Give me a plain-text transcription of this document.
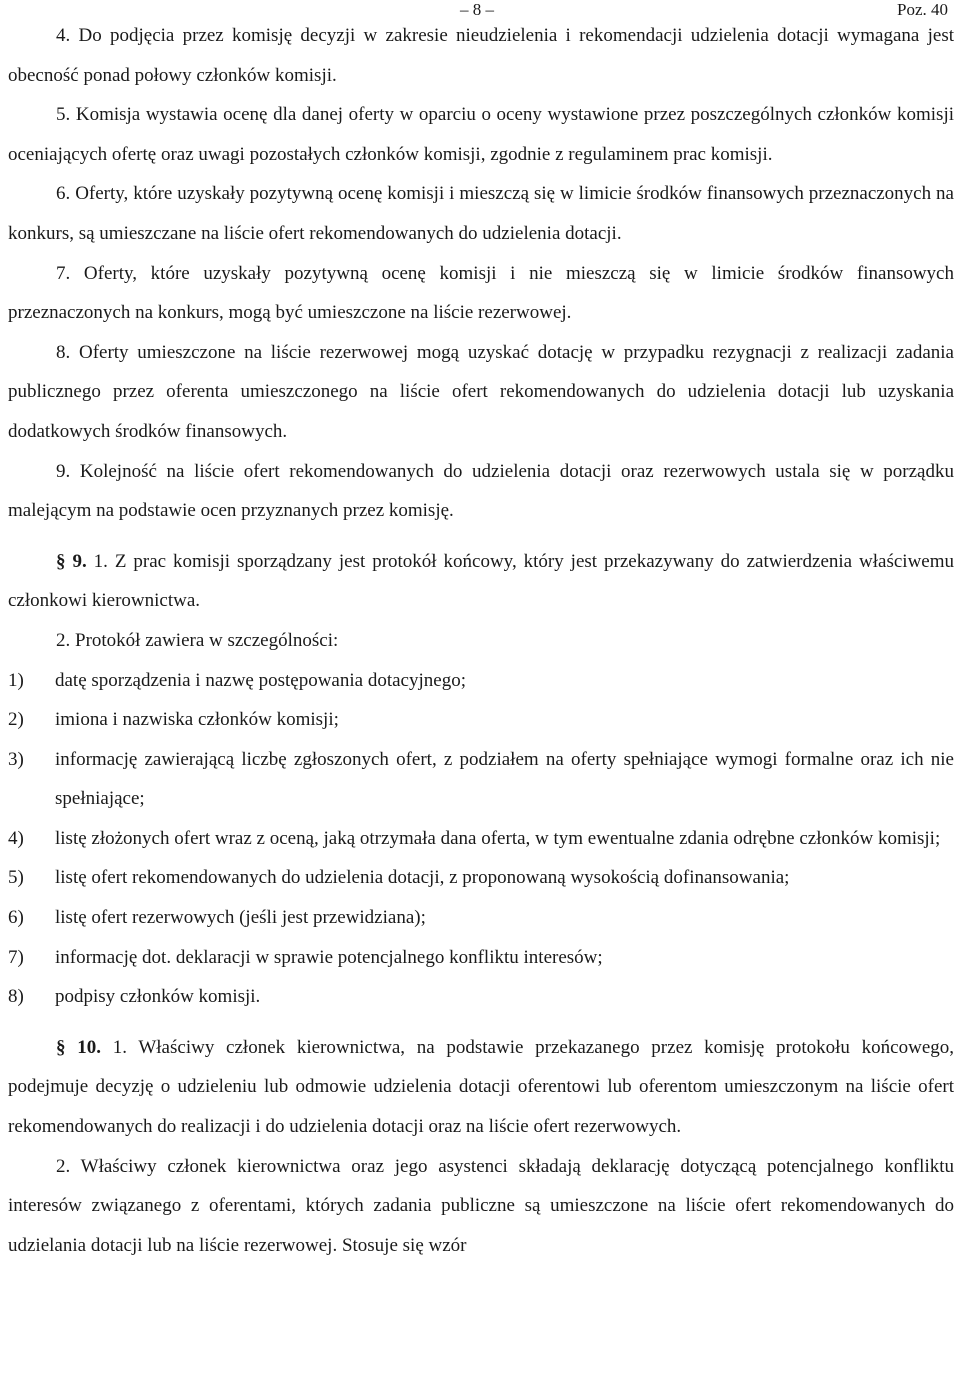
– 8 –	Poz. 40

4. Do podjęcia przez komisję decyzji w zakresie nieudzielenia i rekomendacji udzielenia dotacji wymagana jest obecność ponad połowy członków komisji.

5. Komisja wystawia ocenę dla danej oferty w oparciu o oceny wystawione przez poszczególnych członków komisji oceniających ofertę oraz uwagi pozostałych członków komisji, zgodnie z regulaminem prac komisji.

6. Oferty, które uzyskały pozytywną ocenę komisji i mieszczą się w limicie środków finansowych przeznaczonych na konkurs, są umieszczane na liście ofert rekomendowanych do udzielenia dotacji.

7. Oferty, które uzyskały pozytywną ocenę komisji i nie mieszczą się w limicie środków finansowych przeznaczonych na konkurs, mogą być umieszczone na liście rezerwowej.

8. Oferty umieszczone na liście rezerwowej mogą uzyskać dotację w przypadku rezygnacji z realizacji zadania publicznego przez oferenta umieszczonego na liście ofert rekomendowanych do udzielenia dotacji lub uzyskania dodatkowych środków finansowych.

9. Kolejność na liście ofert rekomendowanych do udzielenia dotacji oraz rezerwowych ustala się w porządku malejącym na podstawie ocen przyznanych przez komisję.

§ 9. 1. Z prac komisji sporządzany jest protokół końcowy, który jest przekazywany do zatwierdzenia właściwemu członkowi kierownictwa.

2. Protokół zawiera w szczególności:

1) datę sporządzenia i nazwę postępowania dotacyjnego;
2) imiona i nazwiska członków komisji;
3) informację zawierającą liczbę zgłoszonych ofert, z podziałem na oferty spełniające wymogi formalne oraz ich nie spełniające;
4) listę złożonych ofert wraz z oceną, jaką otrzymała dana oferta, w tym ewentualne zdania odrębne członków komisji;
5) listę ofert rekomendowanych do udzielenia dotacji, z proponowaną wysokością dofinansowania;
6) listę ofert rezerwowych (jeśli jest przewidziana);
7) informację dot. deklaracji w sprawie potencjalnego konfliktu interesów;
8) podpisy członków komisji.

§ 10. 1. Właściwy członek kierownictwa, na podstawie przekazanego przez komisję protokołu końcowego, podejmuje decyzję o udzieleniu lub odmowie udzielenia dotacji oferentowi lub oferentom umieszczonym na liście ofert rekomendowanych do realizacji i do udzielenia dotacji oraz na liście ofert rezerwowych.

2. Właściwy członek kierownictwa oraz jego asystenci składają deklarację dotyczącą potencjalnego konfliktu interesów związanego z oferentami, których zadania publiczne są umieszczone na liście ofert rekomendowanych do udzielania dotacji lub na liście rezerwowej. Stosuje się wzór
